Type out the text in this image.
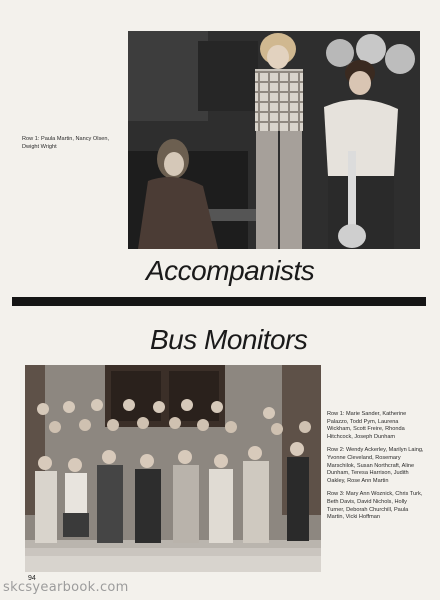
Row 1: Paula Martin, Nancy Olsen, Dwight Wright

Accompanists
Bus Monitors

Row 1: Marie Sander, Katherine Palazzo, Todd Pym, Laurena Wickham, Scott Freire, Rhonda Hitchcock, Joseph Dunham

Row 2: Wendy Ackerley, Marilyn Laing, Yvonne Cleveland, Rosemary Marschilok, Susan Northcraft, Aline Dunham, Teresa Harrison, Judith Oakley, Rose Ann Martin

Row 3: Mary Ann Woznick, Chris Turk, Beth Davis, David Nichols, Holly Turner, Deborah Churchill, Paula Martin, Vicki Hoffman

94
skcsyearbook.com
